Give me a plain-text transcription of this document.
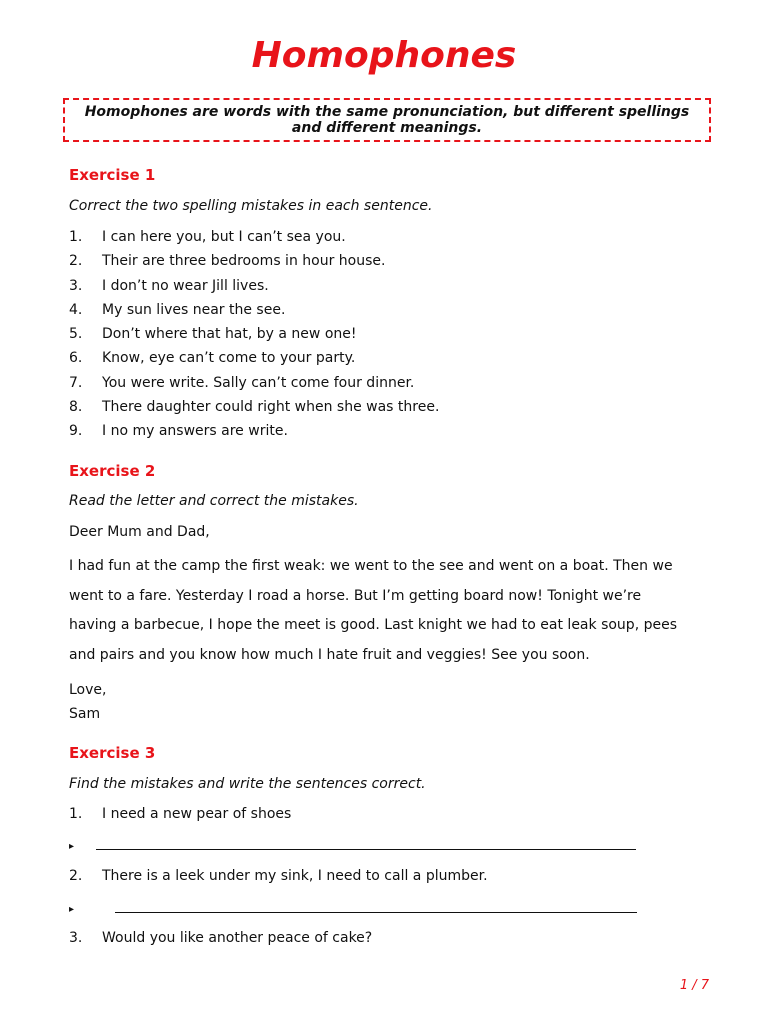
Homophones
Homophones are words with the same pronunciation, but different spellings and different meanings.
Exercise 1
Correct the two spelling mistakes in each sentence.
1. I can here you, but I can’t sea you.
2. Their are three bedrooms in hour house.
3. I don’t no wear Jill lives.
4. My sun lives near the see.
5. Don’t where that hat, by a new one!
6. Know, eye can’t come to your party.
7. You were write. Sally can’t come four dinner.
8. There daughter could right when she was three.
9. I no my answers are write.
Exercise 2
Read the letter and correct the mistakes.
Deer Mum and Dad,
I had fun at the camp the first weak: we went to the see and went on a boat. Then we
went to a fare. Yesterday I road a horse. But I’m getting board now! Tonight we’re
having a barbecue, I hope the meet is good. Last knight we had to eat leak soup, pees
and pairs and you know how much I hate fruit and veggies! See you soon.
Love,
Sam
Exercise 3
Find the mistakes and write the sentences correct.
1. I need a new pear of shoes
▸
2. There is a leek under my sink, I need to call a plumber.
▸
3. Would you like another peace of cake?
1 / 7
